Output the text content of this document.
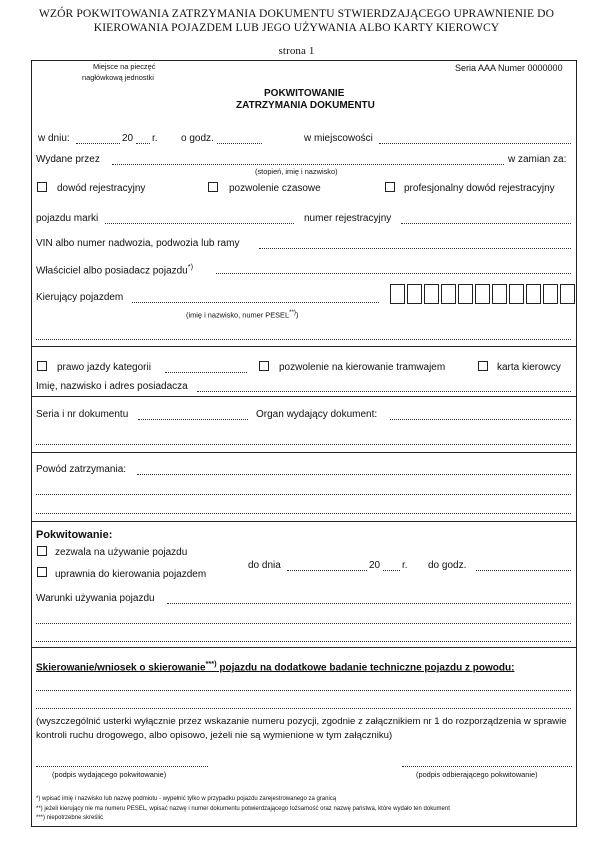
WZÓR POKWITOWANIA ZATRZYMANIA DOKUMENTU STWIERDZAJĄCEGO UPRAWNIENIE DO
KIEROWANIA POJAZDEM LUB JEGO UŻYWANIA ALBO KARTY KIEROWCY
strona 1
Miejsce na pieczęć
nagłówkową jednostki
Seria AAA Numer 0000000
POKWITOWANIE
ZATRZYMANIA DOKUMENTU
w dniu:	20 r. o godz.	w miejscowości
Wydane przez	w zamian za:
(stopień, imię i nazwisko)
dowód rejestracyjny	pozwolenie czasowe	profesjonalny dowód rejestracyjny
pojazdu marki	numer rejestracyjny
VIN albo numer nadwozia, podwozia lub ramy
Właściciel albo posiadacz pojazdu*)
Kierujący pojazdem
(imię i nazwisko, numer PESEL**))
prawo jazdy kategorii	pozwolenie na kierowanie tramwajem	karta kierowcy
Imię, nazwisko i adres posiadacza
Seria i nr dokumentu	Organ wydający dokument:
Powód zatrzymania:
Pokwitowanie:
zezwala na używanie pojazdu
uprawnia do kierowania pojazdem
do dnia	20 r. do godz.
Warunki używania pojazdu
Skierowanie/wniosek o skierowanie***) pojazdu na dodatkowe badanie techniczne pojazdu z powodu:
(wyszczególnić usterki wyłącznie przez wskazanie numeru pozycji, zgodnie z załącznikiem nr 1 do rozporządzenia w sprawie
kontroli ruchu drogowego, albo opisowo, jeżeli nie są wymienione w tym załączniku)
(podpis wydającego pokwitowanie)	(podpis odbierającego pokwitowanie)
*) wpisać imię i nazwisko lub nazwę podmiotu - wypełnić tylko w przypadku pojazdu zarejestrowanego za granicą
**) jeżeli kierujący nie ma numeru PESEL, wpisać nazwę i numer dokumentu potwierdzającego tożsamość oraz nazwę państwa, które wydało ten dokument
***) niepotrzebne skreślić
